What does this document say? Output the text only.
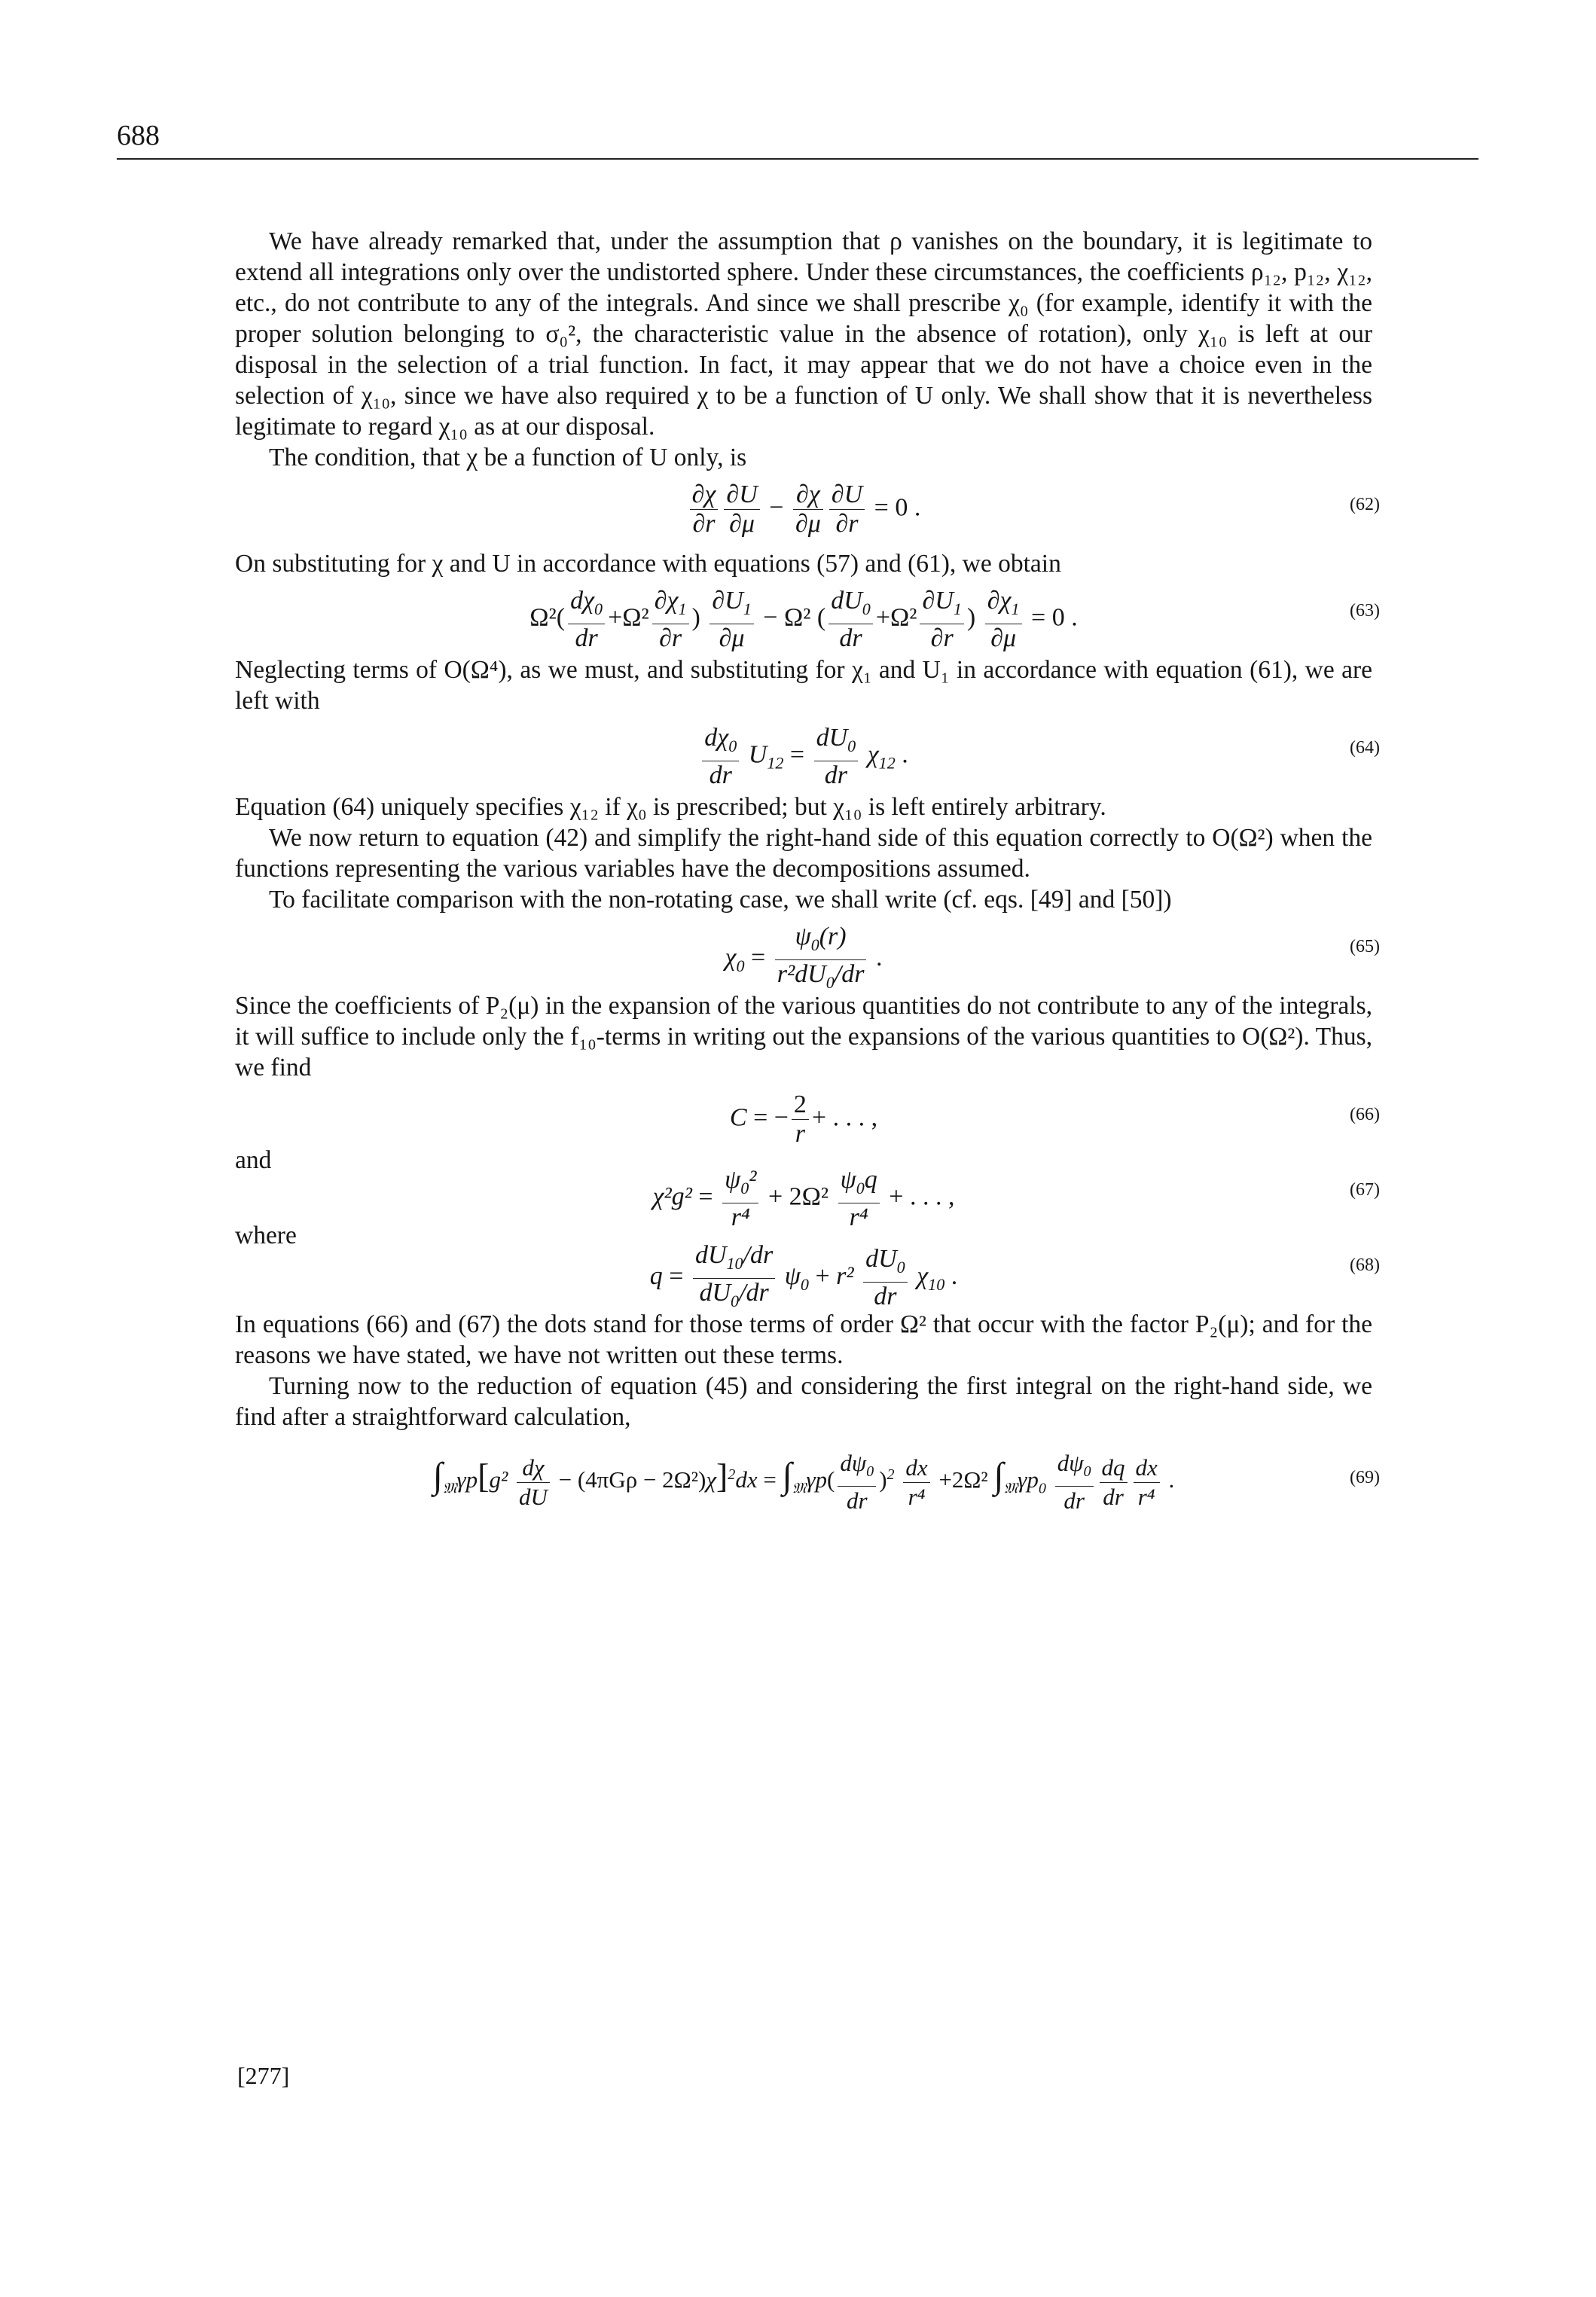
688

We have already remarked that, under the assumption that ρ vanishes on the boundary, it is legitimate to extend all integrations only over the undistorted sphere. Under these circumstances, the coefficients ρ₁₂, p₁₂, χ₁₂, etc., do not contribute to any of the integrals. And since we shall prescribe χ₀ (for example, identify it with the proper solution belonging to σ₀², the characteristic value in the absence of rotation), only χ₁₀ is left at our disposal in the selection of a trial function. In fact, it may appear that we do not have a choice even in the selection of χ₁₀, since we have also required χ to be a function of U only. We shall show that it is nevertheless legitimate to regard χ₁₀ as at our disposal.

The condition, that χ be a function of U only, is

$\frac{\partial\chi}{\partial r} \frac{\partial U}{\partial\mu} - \frac{\partial\chi}{\partial\mu} \frac{\partial U}{\partial r} = 0$ .	(62)

On substituting for χ and U in accordance with equations (57) and (61), we obtain

$\Omega^2( \frac{d\chi_0}{dr} +\Omega^2 \frac{\partial\chi_1}{\partial r}$ ) $\frac{\partial U_1}{\partial\mu} - \Omega^2$ ( $\frac{dU_0}{dr} +\Omega^2 \frac{\partial U_1}{\partial r}$ ) $\frac{\partial\chi_1}{\partial\mu} = 0$ .	(63)

Neglecting terms of O(Ω⁴), as we must, and substituting for χ₁ and U₁ in accordance with equation (61), we are left with

$\frac{d\chi_0}{dr} U_{12} = \frac{dU_0}{dr} \chi_{12}$ .	(64)

Equation (64) uniquely specifies χ₁₂ if χ₀ is prescribed; but χ₁₀ is left entirely arbitrary.

We now return to equation (42) and simplify the right-hand side of this equation correctly to O(Ω²) when the functions representing the various variables have the decompositions assumed.

To facilitate comparison with the non-rotating case, we shall write (cf. eqs. [49] and [50])

$\chi_0 = \frac{\psi_0(r)}{r^2dU_0/dr}$ .	(65)

Since the coefficients of P₂(μ) in the expansion of the various quantities do not contribute to any of the integrals, it will suffice to include only the f₁₀-terms in writing out the expansions of the various quantities to O(Ω²). Thus, we find

C = − $\frac{2}{r}$ + . . . ,	(66)
and
$\chi^2g^2 = \frac{\psi_0^2}{\text{r⁴}} + 2\Omega^2 \frac{\psi_0q}{\text{r⁴}}$ + . . . ,	(67)
where
$q = \frac{dU_{10}/dr}{dU_0/dr} \psi_0 + r^2 \frac{dU_0}{dr} \chi_{10}$ .	(68)

In equations (66) and (67) the dots stand for those terms of order Ω² that occur with the factor P₂(μ); and for the reasons we have stated, we have not written out these terms.

Turning now to the reduction of equation (45) and considering the first integral on the right-hand side, we find after a straightforward calculation,

$\int_𝔐\gamma p[g^2 \frac{d\chi}{dU} - (4\pi G\rho - 2\Omega^2)\chi]^2dx = \int_𝔐\gamma p( \frac{d\psi_0}{dr} )^2 \frac{dx}{\text{r⁴}} +2\Omega^2$ $\int_𝔐\gamma p_0 \frac{d\psi_0}{dr} \frac{dq}{dr} \frac{dx}{\text{r⁴}}$ .	(69)
[277]
